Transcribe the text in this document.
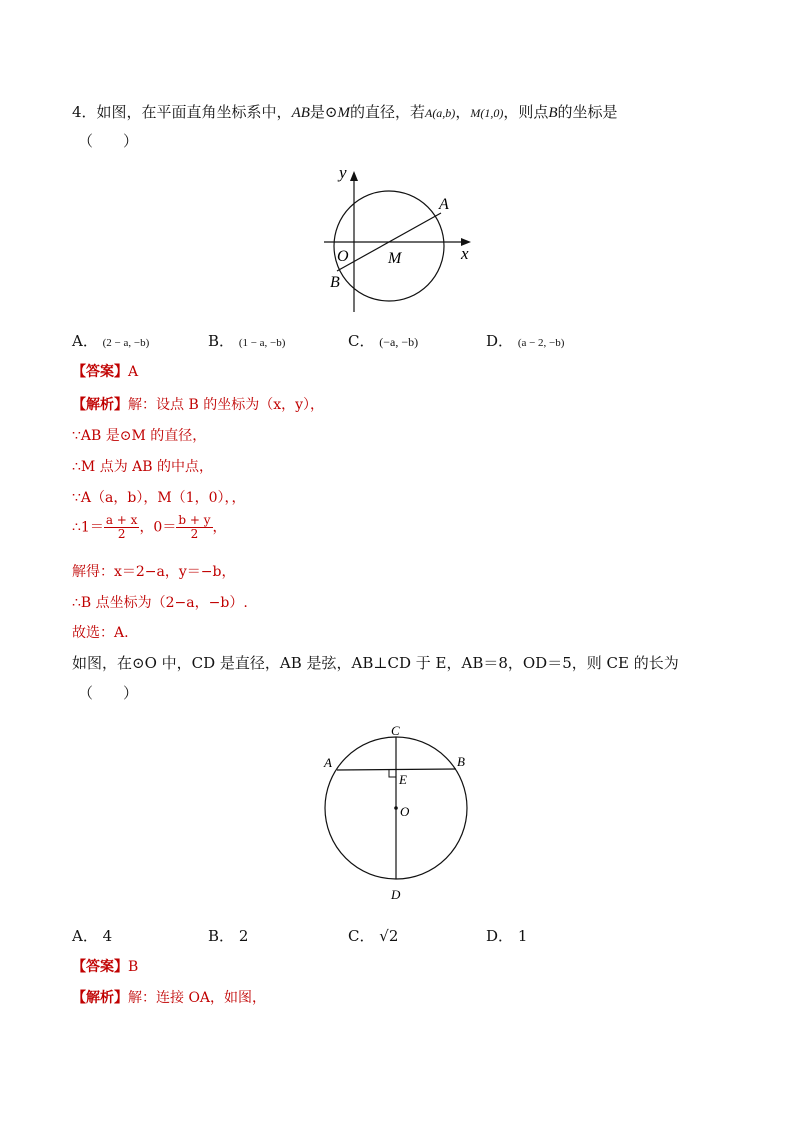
4．如图，在平面直角坐标系中，AB是⊙M的直径，若A(a,b)，M(1,0)，则点B的坐标是
（　　）
y
x
A
O M
B
A． (2 − a, −b)	B． (1 − a, −b)	C． (−a, −b)	D． (a − 2, −b)
【答案】A
【解析】解：设点 B 的坐标为（x，y），
∵AB 是⊙M 的直径，
∴M 点为 AB 的中点，
∵A（a，b），M（1，0），，
∴1＝ $\frac{a + x}{2}$ ，$0= \frac{b + y}{2}$ ，
解得：x＝2−a，y＝−b，
∴B 点坐标为（2−a，−b）.
故选：A.
如图，在⊙O 中，CD 是直径，AB 是弦，AB⊥CD 于 E，AB＝8，OD＝5，则 CE 的长为
（　　）
C
A	B
E
O
D
A． 4	B． 2	C． √2	D． 1
【答案】B
【解析】解：连接 OA，如图，
